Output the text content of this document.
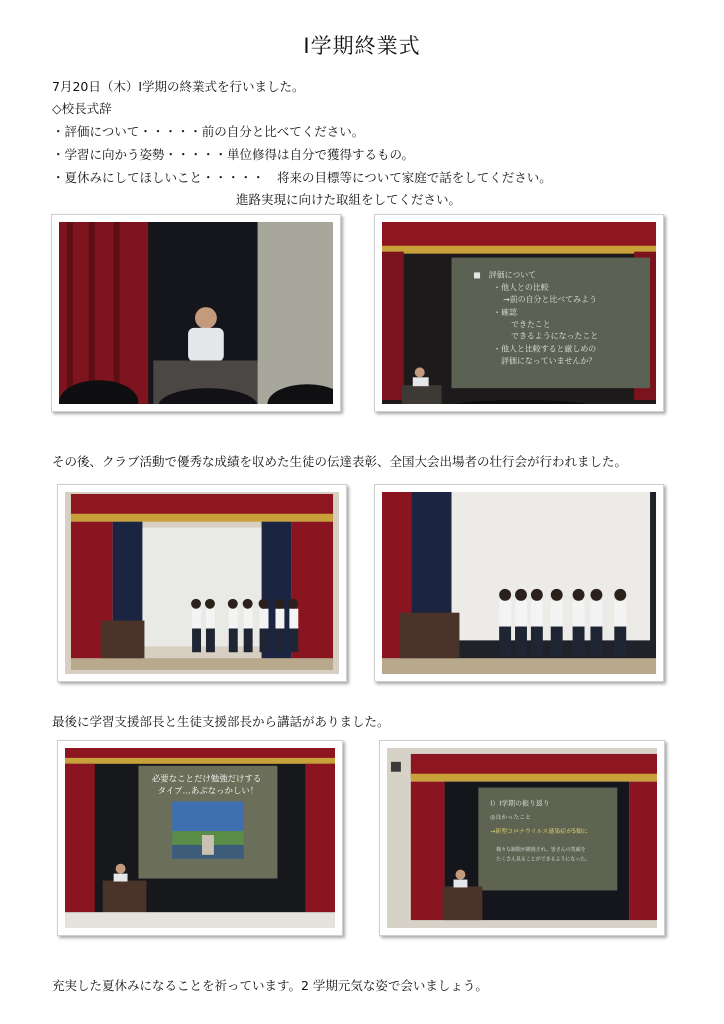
Ⅰ学期終業式
7月20日（木）Ⅰ学期の終業式を行いました。
◇校長式辞
・評価について・・・・・前の自分と比べてください。
・学習に向かう姿勢・・・・・単位修得は自分で獲得するもの。
・夏休みにしてほしいこと・・・・・　将来の目標等について家庭で話をしてください。
進路実現に向けた取組をしてください。
■　評価について ・他人との比較 →前の自分と比べてみよう ・確認 できたこと できるようになったこと ・他人と比較すると厳しめの 評価になっていませんか？
その後、クラブ活動で優秀な成績を収めた生徒の伝達表彰、全国大会出場者の壮行会が行われました。
最後に学習支援部長と生徒支援部長から講話がありました。
必要なことだけ勉強だけする タイプ…あぶなっかしい！
Ⅰ）Ⅰ学期の振り返り ◎良かったこと →新型コロナウイルス感染症が5類に 様々な制限が撤廃され、皆さんの笑顔を たくさん見ることができるようになった。
充実した夏休みになることを祈っています。2 学期元気な姿で会いましょう。
